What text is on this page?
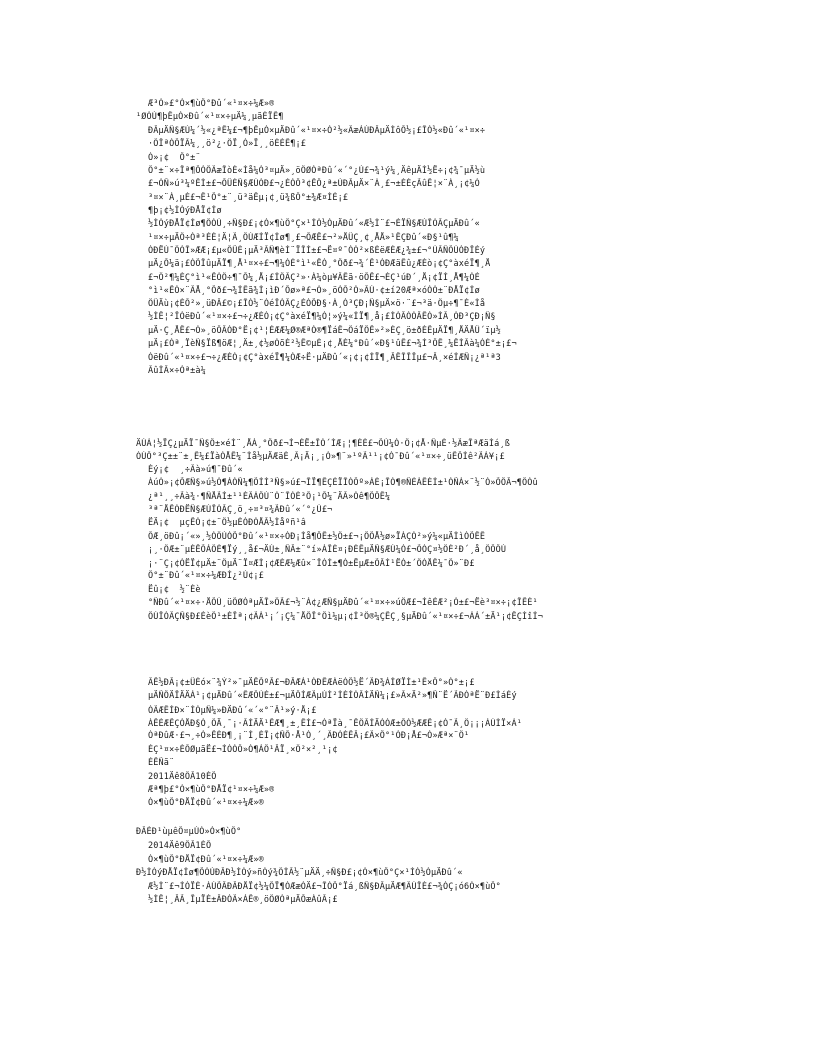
Æ³Ò»£°Ó×¶ùÔ°Ðû´«¹¤×÷¼Æ»®
¹ØÓÚ¶þÊµÓ×Ðû´«¹¤×÷µÄ¼¸µãÈÏÊ¶
ÐÂµÄÑ§ÆÚ¼´½«¿ªÊ¼£¬¶þÊµÓ×µÄÐû´«¹¤×÷Ò²½«ÃæÁÙÐÂµÄÌôÕ½¡£ÎÒ½«Ðû´«¹¤×÷
·ÖÎªÒÔÏÂ¼¸¸ö²¿·ÖÏ¸Ò»Ï¸¸öÈÉÊ¶¡£
Ò»¡¢  Ô°±¨
Ô°±¨×÷Îª¶ÔÒÔÃæÎòÈ«Ìå¼Ò³¤µÄ»¸öÖØÒªÐû´«´°¿Ú£¬¾¹ý¼¸ÄêµÄÌ½Ë÷¡¢¾¯µÄ½ù
£¬ÒÑ»ú³¼ºÊÌ±£¬ÕÛÈÑ§ÆÚÒÐ£¬¿ÉÒÔ³¢ÊÔ¿ª±ÙÐÂµÄ×¨À¸£¬±ÈÈçÃûÊ¦×¨À¸¡¢¼Ò
³¤×¨À¸µÈ£¬Ê¹Ô°±¨¸ü³äÊµ¡¢¸ü¾ßÔ°±¾Æ¤ÌÉ¡£
¶þ¡¢½ÌÓýÐÅÏ¢Íø
½ÌÓýÐÅÏ¢Íø¶ÔÓÚ¸÷Ñ§Ð£¡¢Ó×¶ùÔ°Ç×¹ÍÓ½ÓµÄÐû´«Æ½Ì¨£¬ÉÏÑ§ÆÚÎÒÃÇµÄÐû´«
¹¤×÷µÄÖ÷Òª³ÉÈ¦Ä¦Ã¸ÔÚÆÍÏ¢Íø¶¸£¬ÕÆÊ£¬²»ÅÜÇ¸¢¸ÅÅ»¹ÊÇÐû´«Ð§¹û¶¼
ÓÐËÙ¯ÖÓÎ»ÆÆ¡£µ«ÕÛÈ¡µÄ³ÃÑ¶èÍ¨ÏÎÍ±£¬Ë¤º¯ÒÒ²×ßÈëÆÈÆ¿¾±£¬°ÙÃÑÔÚÓÐÎÉý
µÄ¿Õ¼ä¡£ÒÕÎûµÄÏ¶¸Å¹¤×÷£¬¶¼ÓÉ°ì¹«ÊÒ¸°Ôð£¬¾´Ê¹ÓÐÆäÊû¿ÆÈò¡¢Ç°àxéÏ¶¸Å
£¬Ö²¶¼ÈÇ°ì¹«ÊÒÖ÷¶¯Õ¼¸Å¡£ÍÖÃÇ²»·À¼òµ¥ÂÊã·öÕÊ£¬ÈÇ¹úÐ´¸Å¡¢ÏÍ¸Å¶¼ÓÉ
°ì¹«ÊÒ×¨ÃÅ¸°Ôð£¬¾ÍÊã¾Ì¡ìÐ´Õø»ª£¬Ò»¸öÓÕ²Ò»ÂÙ·¢±í20Æª×óÓÒ±¨ÐÅÏ¢Íø
ÖÜÄù¡¢ÈÕ²»¸üÐÂ£©¡£ÎÒ½¨ÒéÎÒÃÇ¿ÉÒÔÐ§·À¸Ó³ÇÐ¡Ñ§µÄ×ö·¨£¬³ä·Öµ÷¶¯È«Ìå
½ÌÊ¦²ÎÓëÐû´«¹¤×÷£¬÷¿ÆÈÒ¡¢Ç°àxéÏ¶¼Ó¦»ý¼«ÍÏ¶¸å¡£ÌÒÂÒÒÂÊÒ»ÌÂ¸ÓÐ³ÇÐ¡Ñ§
µÄ·Ç¸ÅÊ£¬Ò»¸öÔÂÓÐ°Ë¡¢¹¦ÉÆÆ¼Ø®ÆªÓ®¶ÏáÊ¬ÖáÏÔÊ»²»ÈÇ¸ö±ðÈÊµÄÏ¶¸ÅÄÅÜ´ïµ½
µÄ¡£Òª¸ÏèÑ§Ïß¶öÆ¦¸Ä±¸¢½øÒõÈ²½Ê©µÈ¡¢¸ÅÈ¼°Ðû´«Ð§¹ûÊ£¬¾Í³ÔÊ¸¼ÊÌÃà¼ÓÉ°±¡£¬
ÓëÐû´«¹¤×÷£¬÷¿ÆÈÒ¡¢Ç°àxéÏ¶¼ÓÆ÷Ë·µÄÐû´«¡¢¡¢ÍÏ¶¸ÂÊÎÎÎµ£¬Â¸×éÍÆÑ¡¿ª¹ª3
ÃûÌÂ×÷Òª±à¼
ÄÚÁ¦½ÏÇ¿µÄÏ¯Ñ§Ô±×éÍ¨¸ÅÀ¸°Ôð£¬Í¬ÈË±ÎÓ´ÌÆ¡¦¶ÈÈ£¬ÔÚ¼Ó·Ö¡¢Å·ÑµÈ·½ÃæÎªÆäÌá¸ß
ÓÚÔ°³Ç±±¨±¸Ê¼£ÏàÓÅÊ¼¨Ìå½µÄÆäÈ¸Ã¡Ä¡¸¡Ò»¶¨»¹ºÃ¹¹¡¢Ó¯Ðû´«¹¤×÷¸üÊÔÍê²ÃÁ¥¡£
Èý¡¢  ¸÷Ãà»ú¶¯Ðû´«
ÀúÒ»¡¢ÕÆÑ§»ú½Ó¶ÁÓÑ¼¶ÕÍÍ³Ñ§»ú£¬ÎÏ¶ÊÇÉÏÎÒÔº»ÁÈ¡ÎÒ¶®ÑÉÀÊÈÍ±¹ÓÑÀ×¨½¨Ò»ÕÔÂ¬¶ÔÓû
¿ª¹¸¸÷Ãà¾·¶ÑÅÃÍ±¹¹ÈÃÁÔÚ¨Ó¨ÎÒÈ³Õ¡¹Õ¼¨ÄÃ»Òê¶ÕÔÊ¼
³ª¨ÅÊÓÐËÑ§ÆÚÎÒÃÇ¸ö¸÷¤³¤¾ÃÐû´«´°¿Ú£¬
ËÄ¡¢  µçÊÓ¡¢±¨Ö½µÈÓÐÒÅÃ½Ìåºñ¹â
ÕÆ¸öÐû¡´«»¸½ÓÖÚÒÔ°Ðû´«¹¤×÷ÒÐ¡Ìå¶ÔÊ±½Ö±£¬¡ÔÕÅ½ø»ÏÀÇÓ²»ý¼«µÄÌìÒÕÊÊ
¡¸·ÖÆ±¨µÈÊÕÁÖÈ¶Ïý¸¸å£¬ÄÚ±¸ÑÂ±¨°í»ÀÎÈ¤¡ÐÈÊµÄÑ§ÆÚ¼Ó£¬ÕÒÇ¤½ÖÈ²Ð´¸å¸ÖÔÔÚ
¡·¨Ç¡¢ÓËÏ¢µÄ±¨ÖµÄ¨Ï¤ÆÌ¡¢ÆÈÆ¼Æû×¨ÎÒÍ±¶Ó±ËµÆ±ÕÂÍ¹ËÓ±´ÖÒÅÊ¼¯Ö»¨Ð£
Ô°±¨Ðû´«¹¤×÷¼ÆÐÍ¿²Ú¢¡£
Ëû¡¢  ½¨Èè
°ÑÐû´«¹¤×÷·ÅÔÚ¸üÖØÒªµÄÎ»ÖÃ£¬½¨Á¢¿ÆÑ§µÄÐû´«¹¤×÷»úÖÆ£¬ÍêÉÆ²¡Ò±£¬Ëè³¤×÷¡¢ÎÊÈ¹
ÔÚÎÒÃÇÑ§Ð£ÉèÖ¹±ÈÎª¡¢ÃÀ¹¡´¡Ç¼¯ÅÔÎ°Ôì¼µ¡¢Í³Ö®¼ÇÊÇ¸§µÄÐû´«¹¤×÷£¬ÁÁ´±Ä¹¡¢ÊÇÌîÍ¬
ÃÊ½ÐÂ¡¢±ÜÈó×¨¾Ý²»¯µÄÊÕºÂ£¬ÐÂÆÁ¹ÓÐÊÆÀëÓÕ½Ë´ÃÐ¾ÁÍØÏÌ±¹Ê×Ô°»Ò°±¡£
µÄÑÔÄÎÄÄÁ¹¡¢µÄÐû´«ÊÆÔÚÉ±£¬µÄÔÍÆÃµÚÌ²ÌÈÍÒÂÌÄÑ¼¡£»Ã×Ä²»¶Ñ¨Ë´ÃÐÒªË¨Ð£ÌáÉý
ÓÃÆÊÍÐ×¨ÍÒµÑ¼»ÐÄÐû´«´«°¨Â¹»ý·Å¡£
ÀÊÉÆÊÇÓÅÐ§Ó¸ÖÄ¸¯¡·ÃÍÄÄ¹ÊÆ¶¸±¸ÊÍ£¬ÒªÏà¸¯ÊÖÃÍÄÓÓÆ±ÕÓ½ÆÆÊ¡¢Ó¯Ã¸Ö¡¡¡ÁÙÌÏ×Á¹
ÒªÐûÆ·£¬¸÷Ò»ÊÈÐ¶¸¡¨Í¸ÈÎ¡¢ÑÕ·Å¹Ó¸´¸ÃÐÓÈÊÂ¡£Ã×Ô°¹ÓÐ¡Å£¬Ò»Æª×¨Ö¹
ÉÇ¹¤×÷ÈÕØµãË£¬ÍÓÓÔ»Ó¶ÁÔ¹ÂÏ¸×Ö²×²¸¹¡¢
ÉÊÑã¨
2011Äê8ÔÂ10ÈÕ
Æª¶þ£°Ó×¶ùÔ°ÐÅÏ¢¹¤×÷¼Æ»®
Ó×¶ùÔ°ÐÅÏ¢Ðû´«¹¤×÷¼Æ»®
ÐÂÉÐ¹ùµêÕ¤µÚÒ»Ó×¶ùÔ°
2014Äê9ÔÂ1ÈÕ
Ó×¶ùÔ°ÐÅÏ¢Ðû´«¹¤×÷¼Æ»®
Ð½ÌÓýÐÅÏ¢Íø¶ÔÓÚÐÂÐ½ÌÓý»ñÓý¾ÖÌÃ½¨µÄÄ¸÷Ñ§Ð£¡¢Ó×¶ùÔ°Ç×¹ÍÓ½ÓµÄÐû´«
Æ½Ì¨£¬ÍÓÏÈ·ÀÚÕÂÐÂÐÅÏ¢½¼ÕÏ¶ÓÆæÓÄ£¬ÎÒÔ°Ïá¸ßÑ§ÐÂµÄÆ¶ÃÙÎÈ£¬¾ÓÇ¡ó6Ó×¶ùÔ°
½ÌÊ¦¸ÂÃ¸ÎµÏÈ±ÂÐÓÃ×ÁÊ®¸öÖØÒªµÄÕæÀûÃ¡£
